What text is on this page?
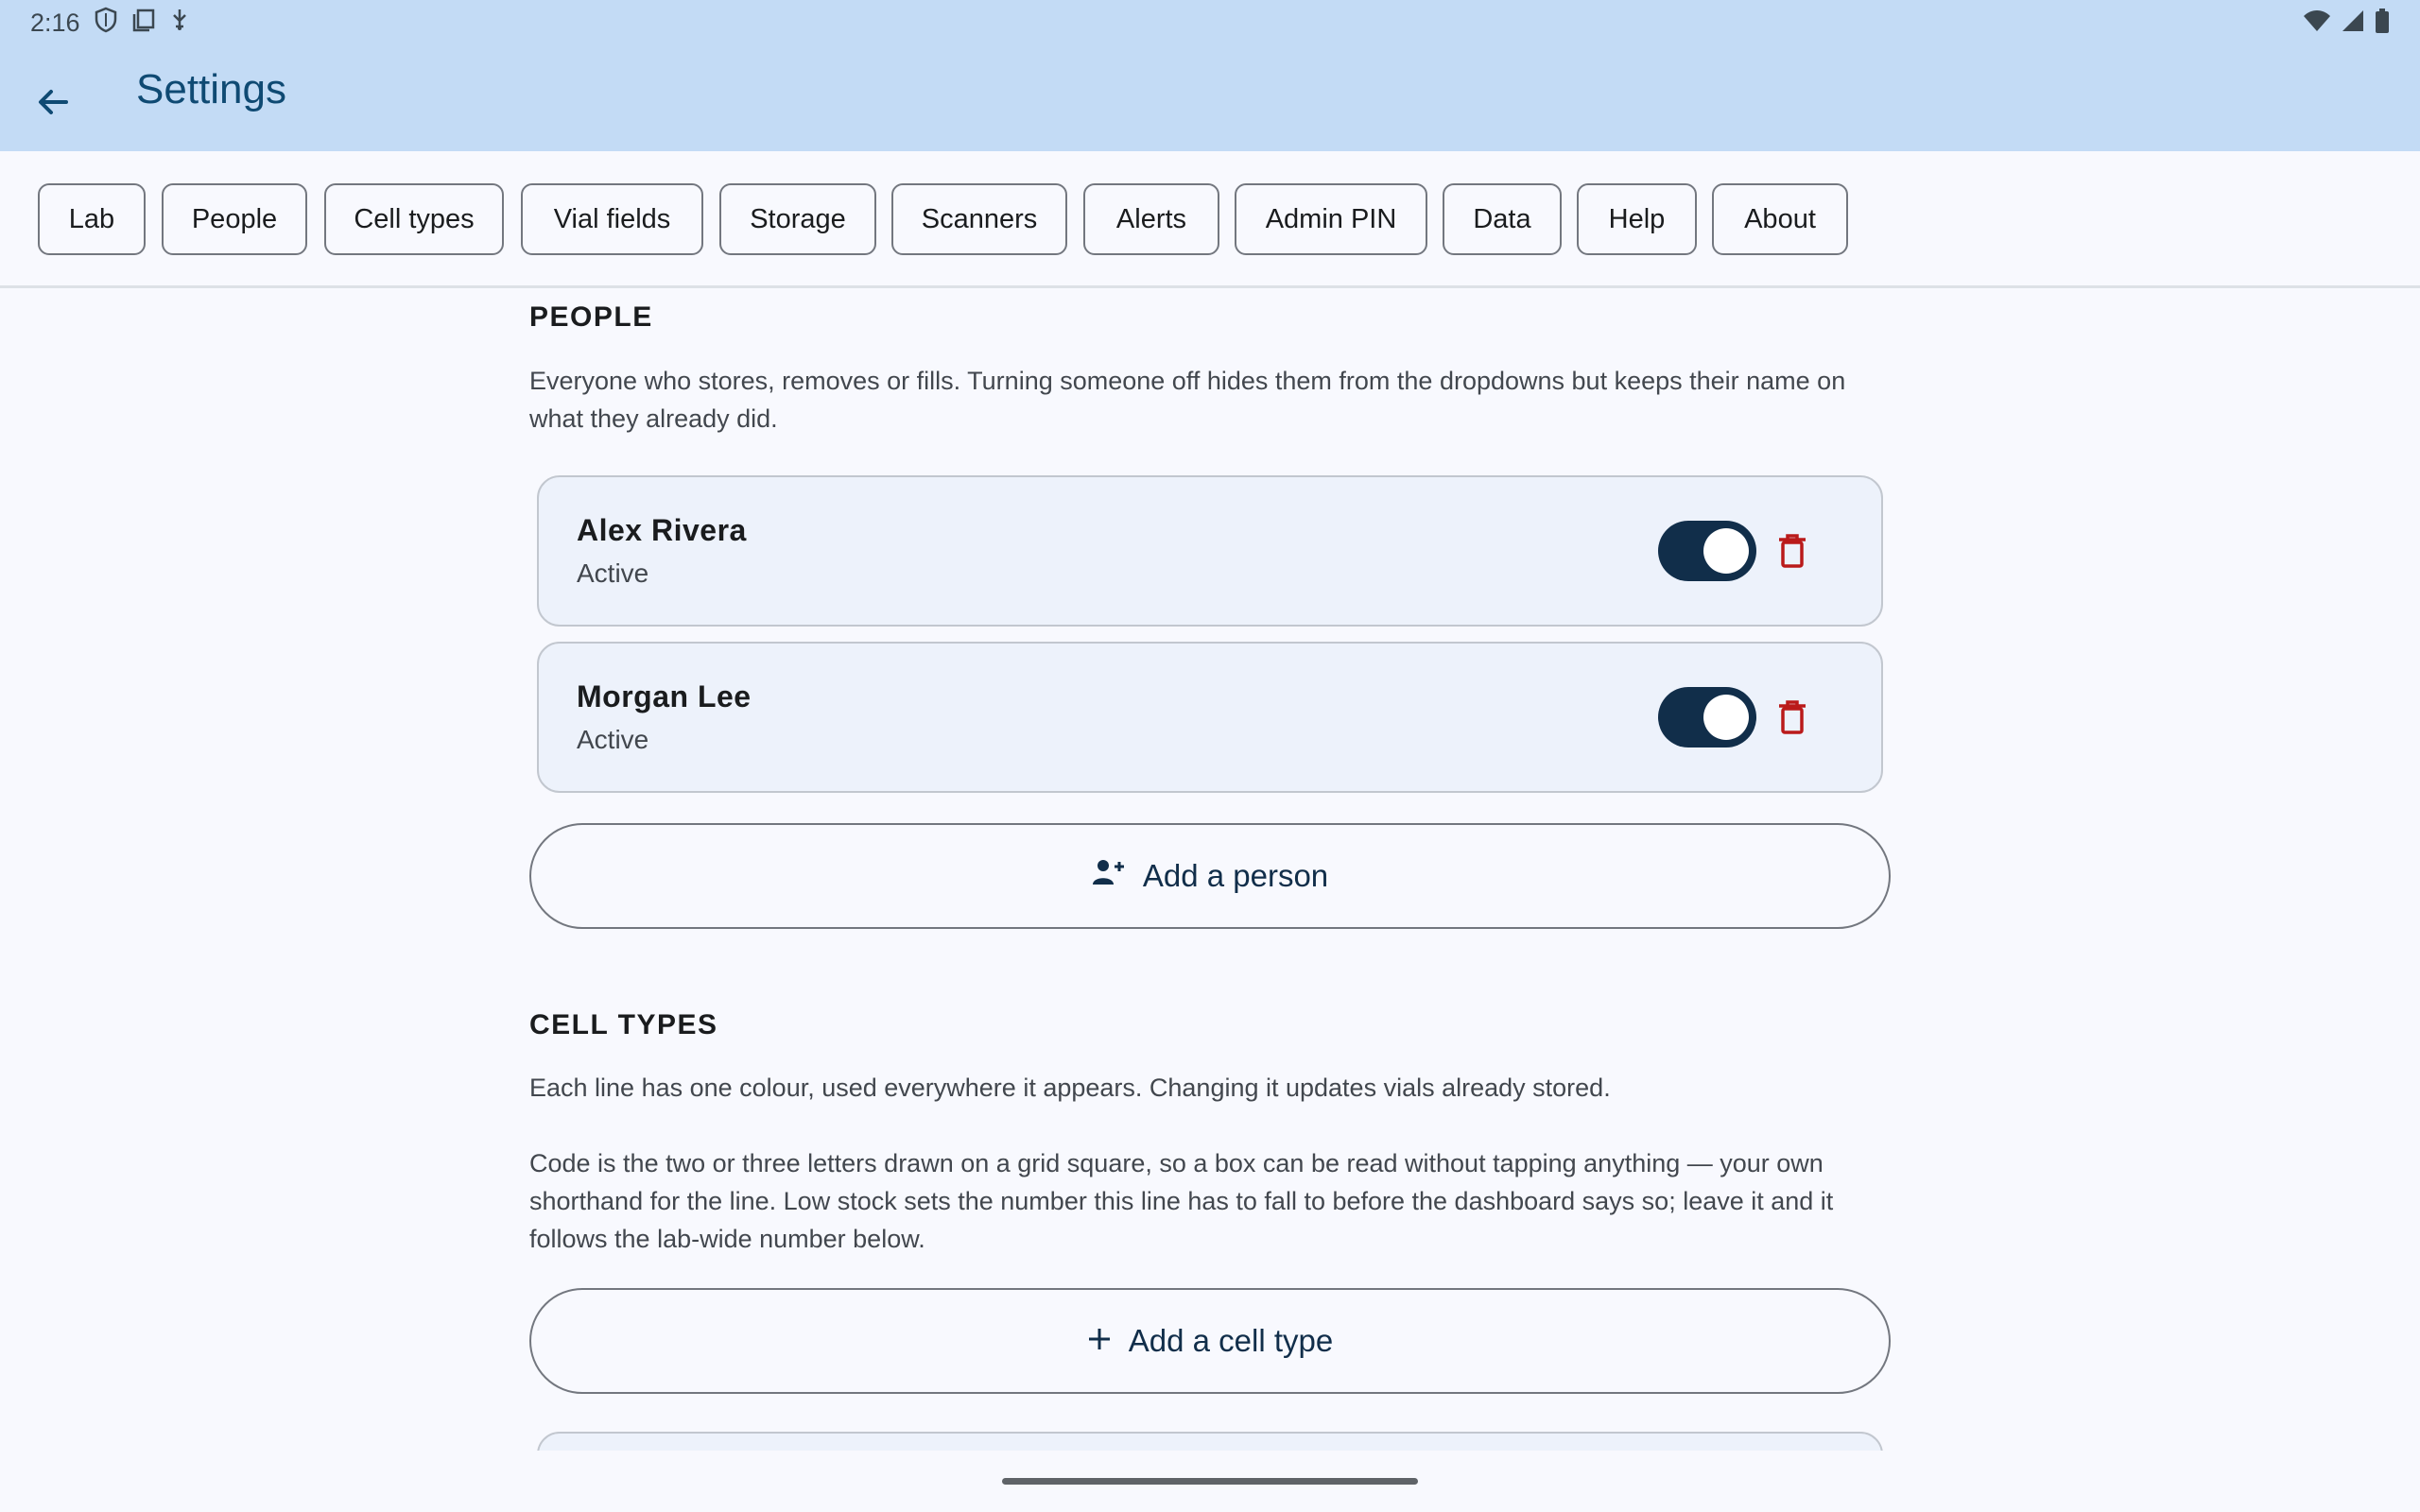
2:16
Settings
Lab	People	Cell types	Vial fields	Storage	Scanners	Alerts	Admin PIN	Data	Help	About
PEOPLE
Everyone who stores, removes or fills. Turning someone off hides them from the dropdowns but keeps their name on what they already did.
Alex Rivera
Active
Morgan Lee
Active
Add a person
CELL TYPES
Each line has one colour, used everywhere it appears. Changing it updates vials already stored.
Code is the two or three letters drawn on a grid square, so a box can be read without tapping anything — your own shorthand for the line. Low stock sets the number this line has to fall to before the dashboard says so; leave it and it follows the lab-wide number below.
Add a cell type
